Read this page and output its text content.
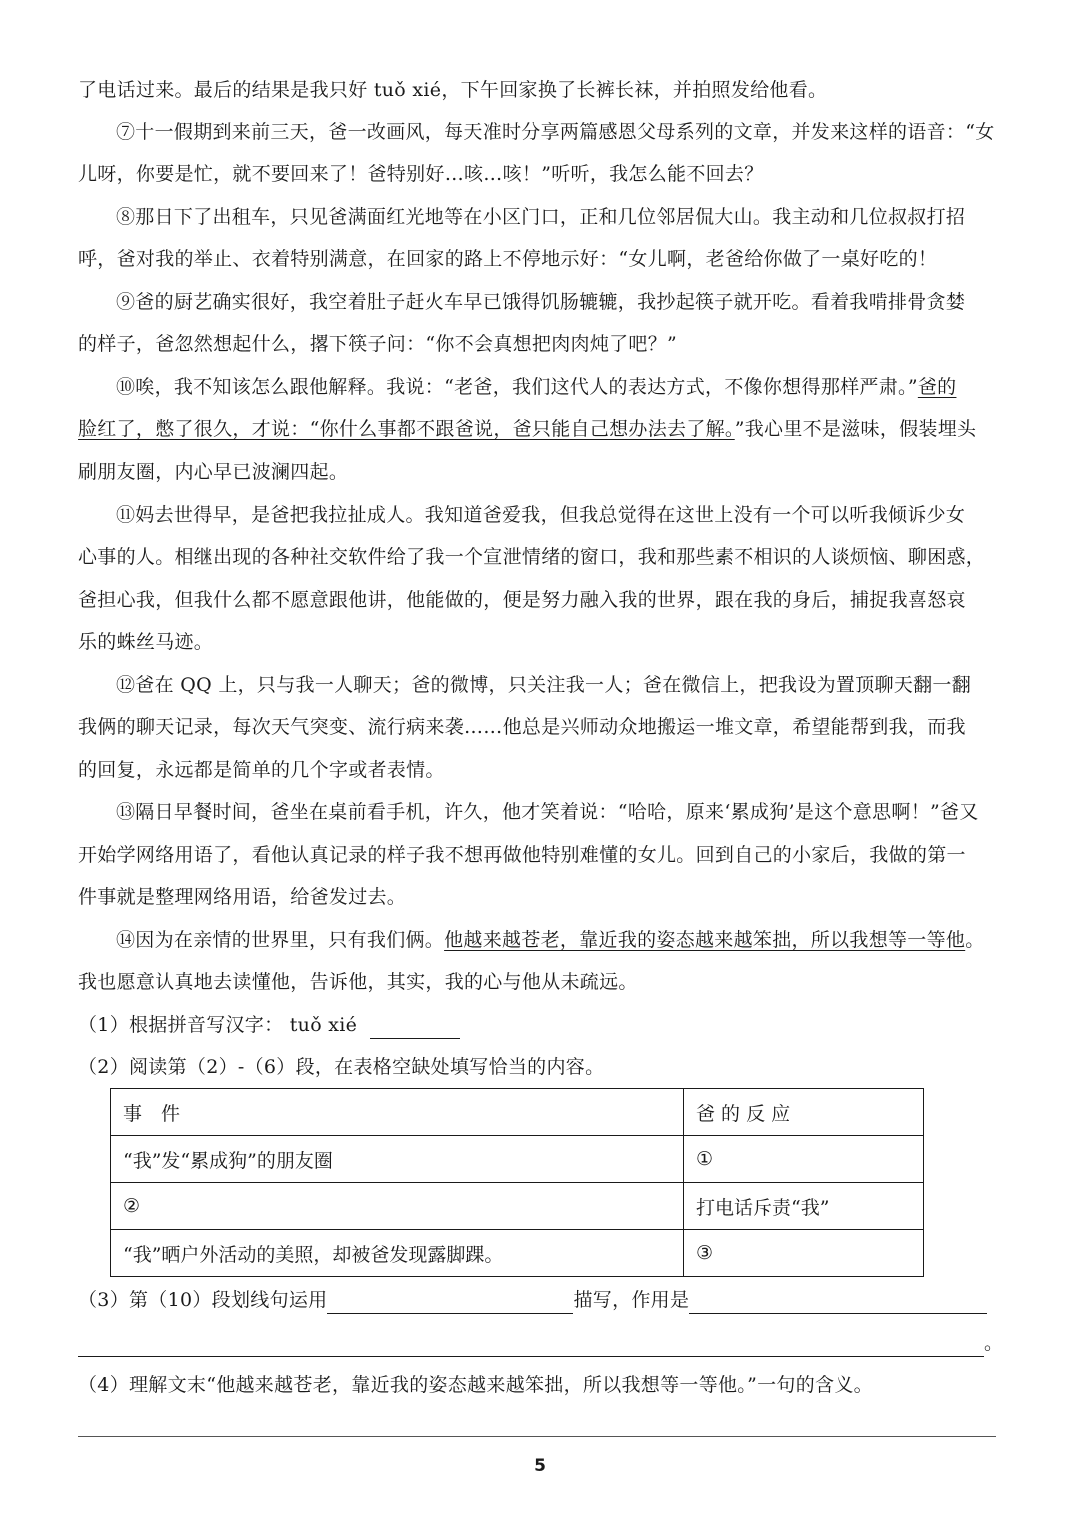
了电话过来。最后的结果是我只好 tuǒ xié，下午回家换了长裤长袜，并拍照发给他看。
⑦十一假期到来前三天，爸一改画风，每天准时分享两篇感恩父母系列的文章，并发来这样的语音：“女
儿呀，你要是忙，就不要回来了！爸特别好…咳…咳！”听听，我怎么能不回去？
⑧那日下了出租车，只见爸满面红光地等在小区门口，正和几位邻居侃大山。我主动和几位叔叔打招
呼，爸对我的举止、衣着特别满意，在回家的路上不停地示好：“女儿啊，老爸给你做了一桌好吃的！
⑨爸的厨艺确实很好，我空着肚子赶火车早已饿得饥肠辘辘，我抄起筷子就开吃。看着我啃排骨贪婪
的样子，爸忽然想起什么，撂下筷子问：“你不会真想把肉肉炖了吧？”
⑩唉，我不知该怎么跟他解释。我说：“老爸，我们这代人的表达方式，不像你想得那样严肃。”爸的
脸红了，憋了很久，才说：“你什么事都不跟爸说，爸只能自己想办法去了解。”我心里不是滋味，假装埋头
刷朋友圈，内心早已波澜四起。
⑪妈去世得早，是爸把我拉扯成人。我知道爸爱我，但我总觉得在这世上没有一个可以听我倾诉少女
心事的人。相继出现的各种社交软件给了我一个宣泄情绪的窗口，我和那些素不相识的人谈烦恼、聊困惑，
爸担心我，但我什么都不愿意跟他讲，他能做的，便是努力融入我的世界，跟在我的身后，捕捉我喜怒哀
乐的蛛丝马迹。
⑫爸在 QQ 上，只与我一人聊天；爸的微博，只关注我一人；爸在微信上，把我设为置顶聊天翻一翻
我俩的聊天记录，每次天气突变、流行病来袭……他总是兴师动众地搬运一堆文章，希望能帮到我，而我
的回复，永远都是简单的几个字或者表情。
⑬隔日早餐时间，爸坐在桌前看手机，许久，他才笑着说：“哈哈，原来‘累成狗’是这个意思啊！”爸又
开始学网络用语了，看他认真记录的样子我不想再做他特别难懂的女儿。回到自己的小家后，我做的第一
件事就是整理网络用语，给爸发过去。
⑭因为在亲情的世界里，只有我们俩。他越来越苍老，靠近我的姿态越来越笨拙，所以我想等一等他。
我也愿意认真地去读懂他，告诉他，其实，我的心与他从未疏远。
（1）根据拼音写汉字： tuǒ xié
（2）阅读第（2）-（6）段，在表格空缺处填写恰当的内容。
事　件	爸 的 反 应
“我”发“累成狗”的朋友圈	①
②	打电话斥责“我”
“我”晒户外活动的美照，却被爸发现露脚踝。	③
（3）第（10）段划线句运用	描写，作用是
。
（4）理解文末“他越来越苍老，靠近我的姿态越来越笨拙，所以我想等一等他。”一句的含义。
5
